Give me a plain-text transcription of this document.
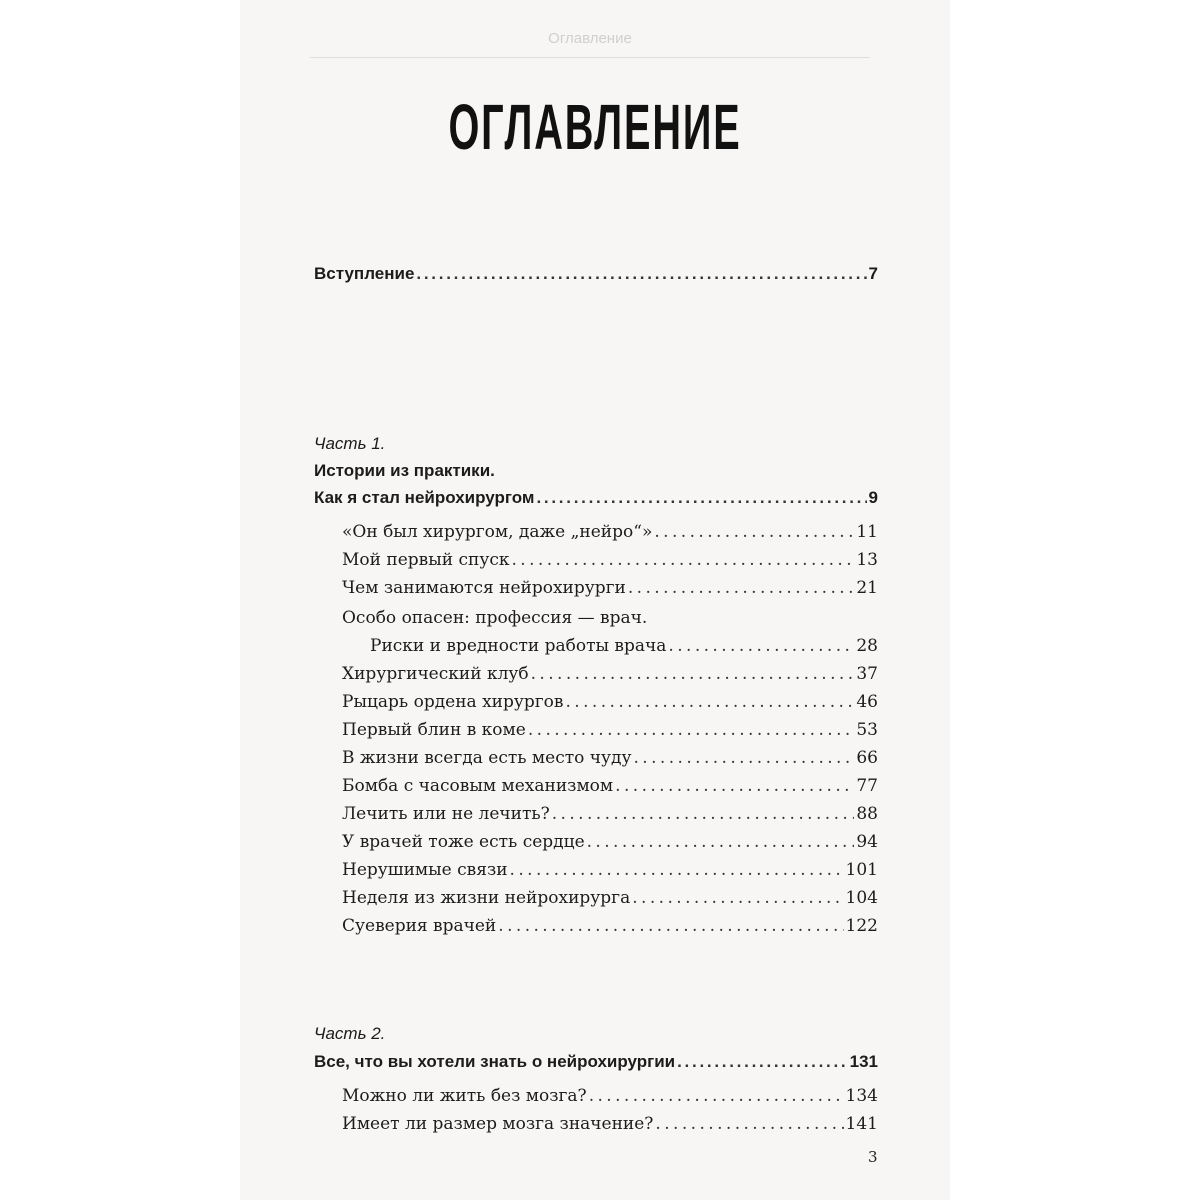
Оглавление
ОГЛАВЛЕНИЕ
Вступление . . .	7
Часть 1.
Истории из практики.
Как я стал нейрохирургом . . .	9
«Он был хирургом, даже „нейро“» . . .	11
Мой первый спуск . . .	13
Чем занимаются нейрохирурги . . .	21
Особо опасен: профессия — врач.
Риски и вредности работы врача . . .	28
Хирургический клуб . . .	37
Рыцарь ордена хирургов . . .	46
Первый блин в коме . . .	53
В жизни всегда есть место чуду . . .	66
Бомба с часовым механизмом . . .	77
Лечить или не лечить? . . .	88
У врачей тоже есть сердце . . .	94
Нерушимые связи . . .	101
Неделя из жизни нейрохирурга . . .	104
Суеверия врачей . . .	122
Часть 2.
Все, что вы хотели знать о нейрохирургии . . .	131
Можно ли жить без мозга? . . .	134
Имеет ли размер мозга значение? . . .	141
3
